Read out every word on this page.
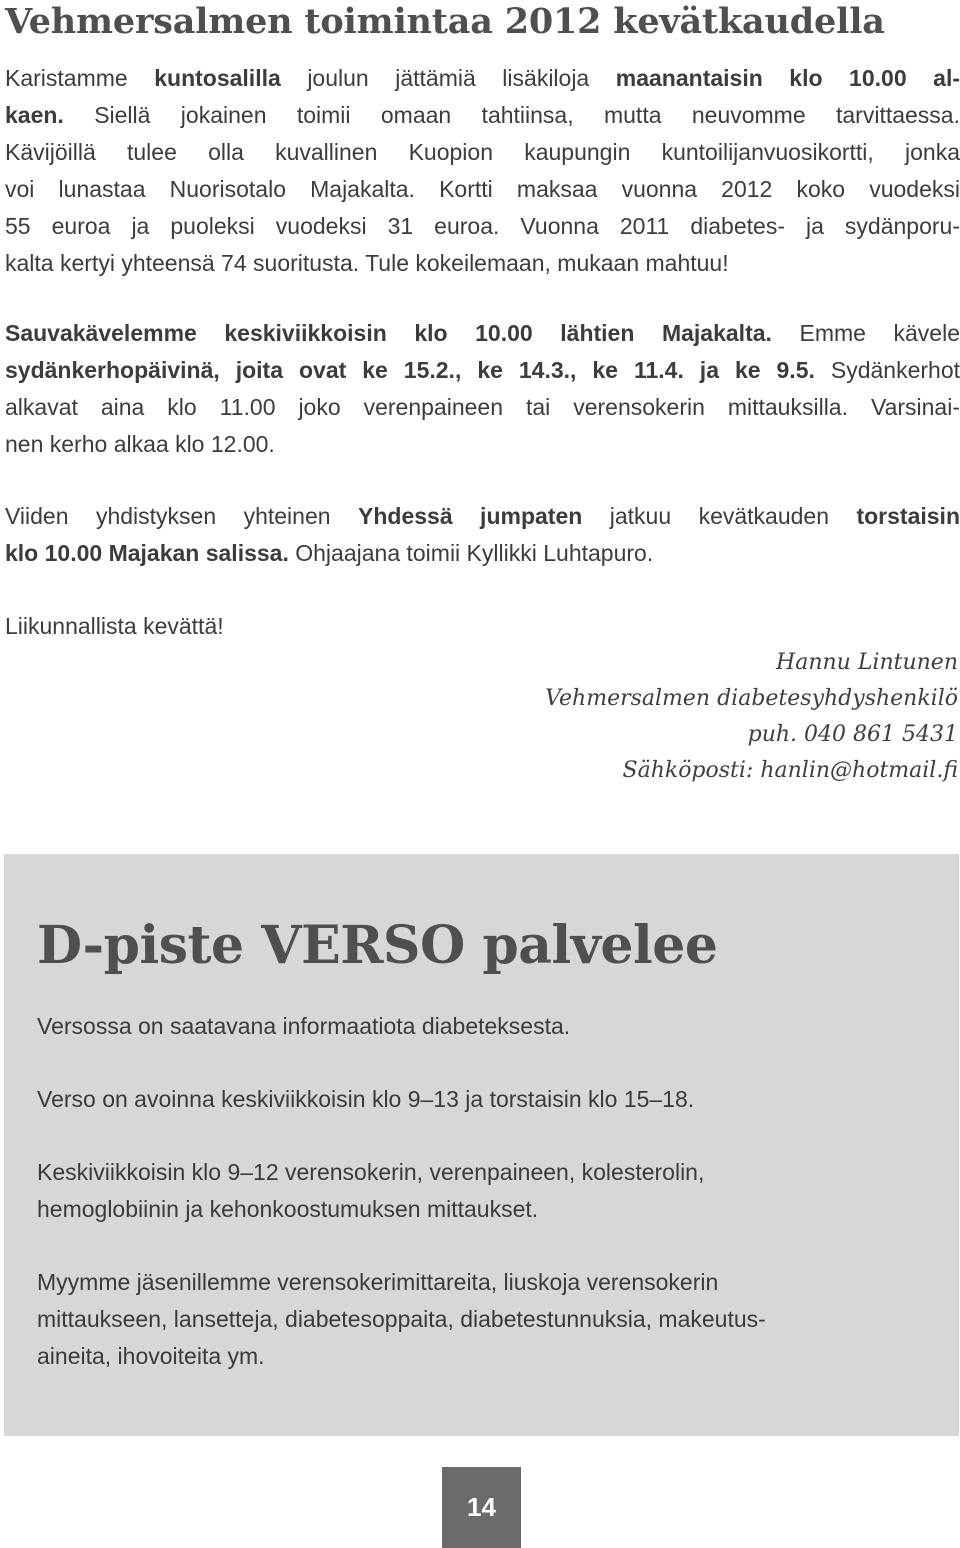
Vehmersalmen toimintaa 2012 kevätkaudella
Karistamme kuntosalilla joulun jättämiä lisäkiloja maanantaisin klo 10.00 al-
kaen. Siellä jokainen toimii omaan tahtiinsa, mutta neuvomme tarvittaessa.
Kävijöillä tulee olla kuvallinen Kuopion kaupungin kuntoilijanvuosikortti, jonka
voi lunastaa Nuorisotalo Majakalta. Kortti maksaa vuonna 2012 koko vuodeksi
55 euroa ja puoleksi vuodeksi 31 euroa. Vuonna 2011 diabetes- ja sydänporu-
kalta kertyi yhteensä 74 suoritusta. Tule kokeilemaan, mukaan mahtuu!
Sauvakävelemme keskiviikkoisin klo 10.00 lähtien Majakalta. Emme kävele
sydänkerhopäivinä, joita ovat ke 15.2., ke 14.3., ke 11.4. ja ke 9.5. Sydänkerhot
alkavat aina klo 11.00 joko verenpaineen tai verensokerin mittauksilla. Varsinai-
nen kerho alkaa klo 12.00.
Viiden yhdistyksen yhteinen Yhdessä jumpaten jatkuu kevätkauden torstaisin
klo 10.00 Majakan salissa. Ohjaajana toimii Kyllikki Luhtapuro.
Liikunnallista kevättä!
Hannu Lintunen
Vehmersalmen diabetesyhdyshenkilö
puh. 040 861 5431
Sähköposti: hanlin@hotmail.fi
D-piste VERSO palvelee
Versossa on saatavana informaatiota diabeteksesta.
Verso on avoinna keskiviikkoisin klo 9–13 ja torstaisin klo 15–18.
Keskiviikkoisin klo 9–12 verensokerin, verenpaineen, kolesterolin,
hemoglobiinin ja kehonkoostumuksen mittaukset.
Myymme jäsenillemme verensokerimittareita, liuskoja verensokerin
mittaukseen, lansetteja, diabetesoppaita, diabetestunnuksia, makeutus-
aineita, ihovoiteita ym.
14
